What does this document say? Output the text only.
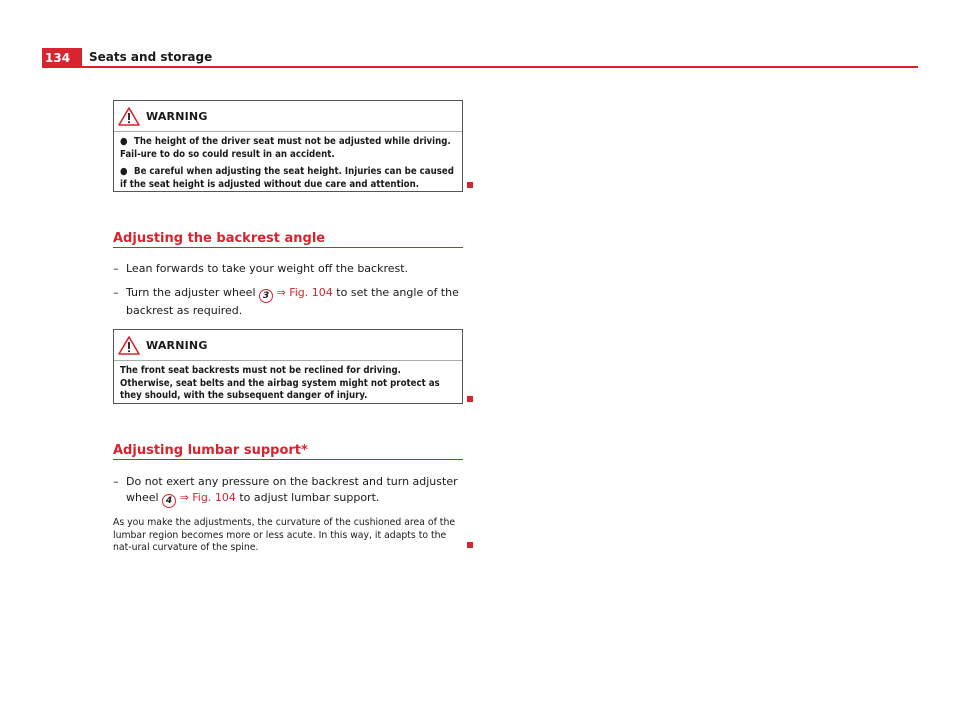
134	Seats and storage
WARNING

● The height of the driver seat must not be adjusted while driving. Fail-ure to do so could result in an accident.

● Be careful when adjusting the seat height. Injuries can be caused if the seat height is adjusted without due care and attention.

Adjusting the backrest angle
– Lean forwards to take your weight off the backrest.
– Turn the adjuster wheel 3 ⇒ Fig. 104 to set the angle of the backrest as required.
WARNING

The front seat backrests must not be reclined for driving. Otherwise, seat belts and the airbag system might not protect as they should, with the subsequent danger of injury.

Adjusting lumbar support*
– Do not exert any pressure on the backrest and turn adjuster wheel 4 ⇒ Fig. 104 to adjust lumbar support.
As you make the adjustments, the curvature of the cushioned area of the lumbar region becomes more or less acute. In this way, it adapts to the nat-ural curvature of the spine.
